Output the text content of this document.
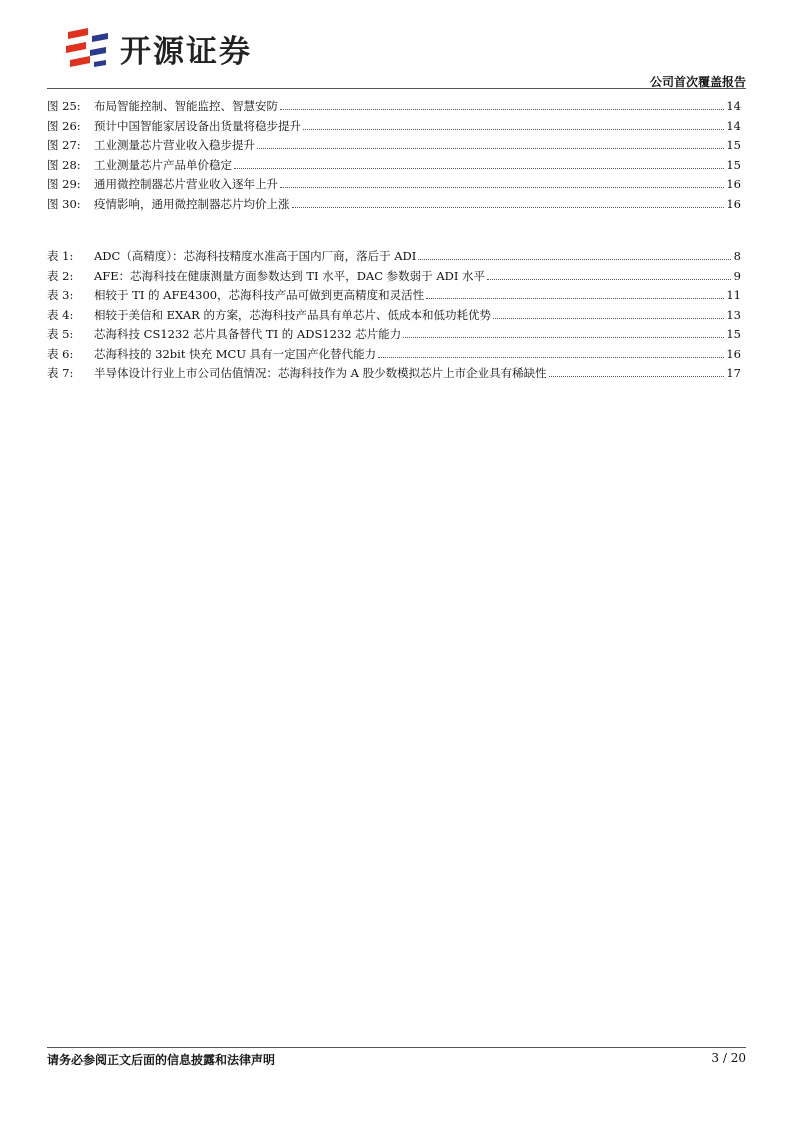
开源证券
公司首次覆盖报告
图 25:	布局智能控制、智能监控、智慧安防	14
图 26:	预计中国智能家居设备出货量将稳步提升	14
图 27:	工业测量芯片营业收入稳步提升	15
图 28:	工业测量芯片产品单价稳定	15
图 29:	通用微控制器芯片营业收入逐年上升	16
图 30:	疫情影响，通用微控制器芯片均价上涨	16
表 1:	ADC（高精度）：芯海科技精度水准高于国内厂商，落后于 ADI	8
表 2:	AFE：芯海科技在健康测量方面参数达到 TI 水平，DAC 参数弱于 ADI 水平	9
表 3:	相较于 TI 的 AFE4300，芯海科技产品可做到更高精度和灵活性	11
表 4:	相较于美信和 EXAR 的方案，芯海科技产品具有单芯片、低成本和低功耗优势	13
表 5:	芯海科技 CS1232 芯片具备替代 TI 的 ADS1232 芯片能力	15
表 6:	芯海科技的 32bit 快充 MCU 具有一定国产化替代能力	16
表 7:	半导体设计行业上市公司估值情况：芯海科技作为 A 股少数模拟芯片上市企业具有稀缺性	17
请务必参阅正文后面的信息披露和法律声明	3 / 20
